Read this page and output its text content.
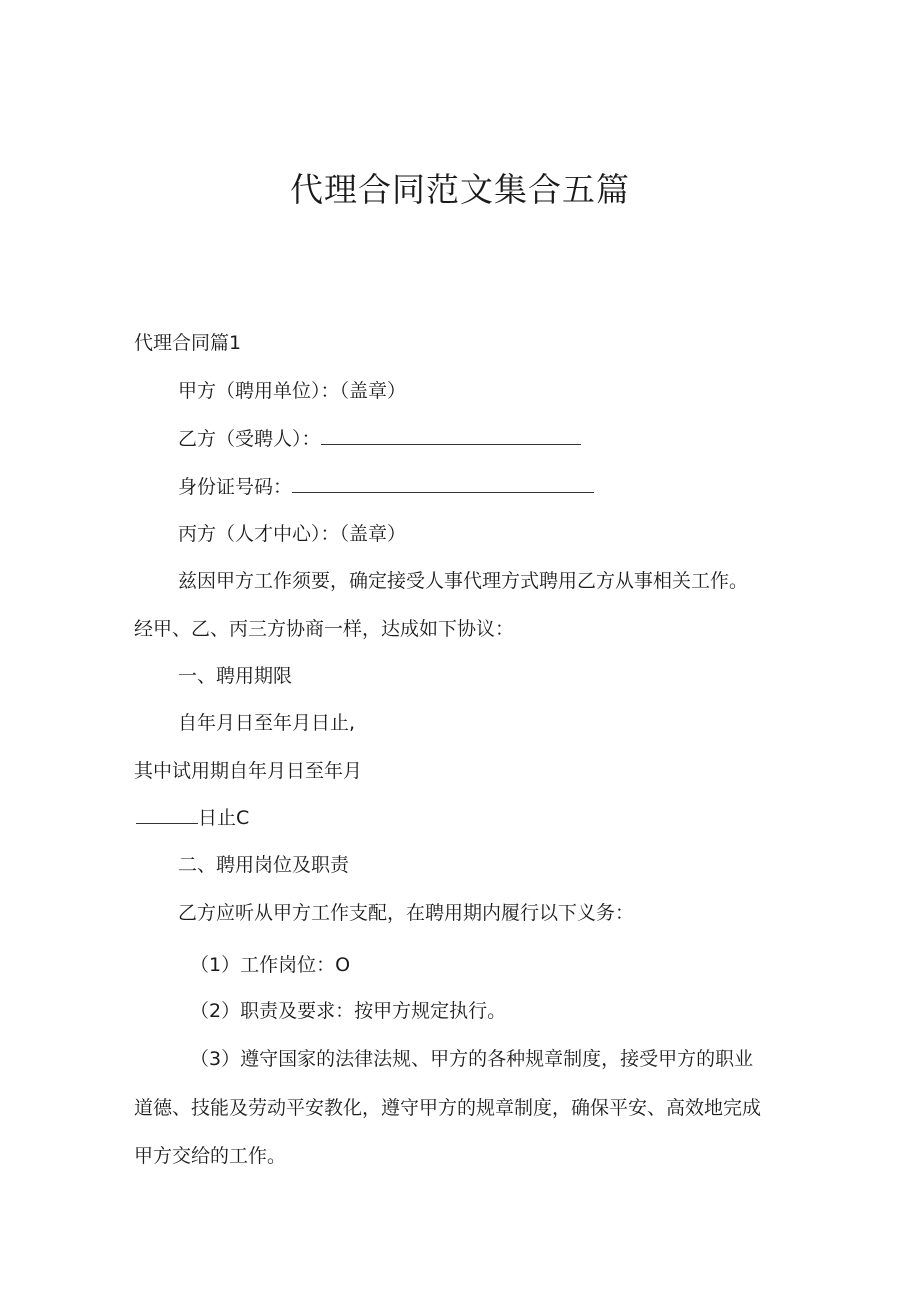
代理合同范文集合五篇
代理合同篇1
甲方（聘用单位）：（盖章）
乙方（受聘人）：
身份证号码：
丙方（人才中心）：（盖章）
兹因甲方工作须要，确定接受人事代理方式聘用乙方从事相关工作。
经甲、乙、丙三方协商一样，达成如下协议：
一、聘用期限
自年月日至年月日止,
其中试用期自年月日至年月
日止C
二、聘用岗位及职责
乙方应听从甲方工作支配，在聘用期内履行以下义务：
（1）工作岗位：O
（2）职责及要求：按甲方规定执行。
（3）遵守国家的法律法规、甲方的各种规章制度，接受甲方的职业
道德、技能及劳动平安教化，遵守甲方的规章制度，确保平安、高效地完成
甲方交给的工作。
